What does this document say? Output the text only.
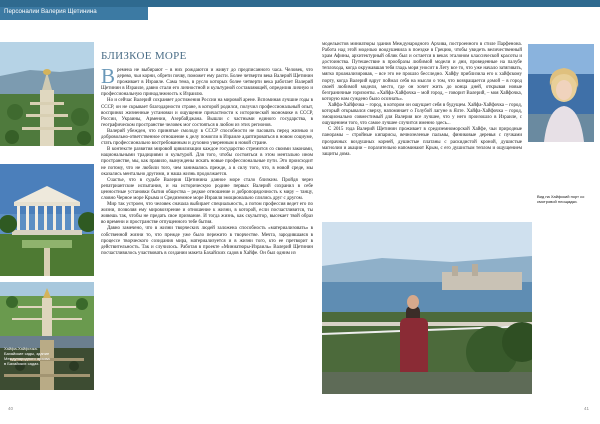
Персоналии Валерия Щетинина
Хайфа-Хайфочка. Бахайские сады, здание Международного архива в Бахайских садах.
БЛИЗКОЕ МОРЕ

Времена не выбирают – в них рождаются и живут до предписанного часа. Человек, что дерево, чьи корни, обрети почву, поможет ему расти. Более четверти века Валерий Щетинин проживает в Израиле. Сама тема, в русло которых более четверти века работает Валерий Щетинин в Израиле, давно стали его личностной и культурной составляющей, определив личную и профессиональную принадлежность к Израилю.

Но и сейчас Валерий сохраняет достижения России на мировой арене. Вспоминая лучшие годы в СССР, он не скрывает благодарности стране, в которой родился, получил профессиональный опыт, воспринял жизненные установки и ощущение причастности к исторической экономике в СССР, России, Украины, Армении, Азербайджана. Вышли с частными единого государства, в географическом пространстве человек мог состояться в любом из этих регионов.

Валерий убежден, что принятые смолоду в СССР способности не пасовать перед жизнью и добровольно-ответственное отношение к делу помогли в Израиле адаптироваться в новом социуме, стать профессионально востребованным и духовно уверенным в новой стране.

В контексте развития мировой цивилизации каждое государство стремится со своими законами, национальными традициями и культурой. Для того, чтобы состояться в этом ментально ином пространстве, мы, как правило, вынуждены искать новые профессиональные пути. Это происходит не потому, что не любили того, чем занимались прежде, а в силу того, что, в новой среде, мы оказались ментально другими, и наша жизнь продолжается.

Счастье, что в судьбе Валерия Щетинина данное море стало близким. Пройдя через репатриантские испытания, и на историческую родине первых Валерий сохранил в себе ценностные установки бытия общества – редкое отношение и добропорядочность к миру – танцу, словно Черное море Крыма и Средиземное море Израиля эмоционально слились друг с другом.

Мир так устроен, что человек сначала выбирает специальность, а потом профессия ведет его по жизни, позволяя ему мировоззрение и отношение к жизни, в которой, если посчастливится, ты живешь так, чтобы не предать свое призвание. И тогда жизнь, как скульптор, высекает твой образ во времени и пространстве отпущенного тебе бытия.

Давно замечено, что в жизни творческих людей заложена способность «материализовать» в собственной жизни то, что прежде уже было пережито в творчестве. Мечта, зародившаяся в процессе творческого созидания мира, материализуется и в жизни того, кто ее претворит в действительность. Так и случилось. Работая в проекте «Миниатюры-Израиль» Валерий Щетинин посчастливилось участвовать в создании макета Бахайских садов в Хайфе. Он был одним из

модельистов миниатюры здания Международного Архива, построенного в стиле Парфенона. Работа над этой моделью воодушевила в поездке в Грецию, чтобы увидеть величественный храм Афины, архитектурный облик был и остается в веках эталоном классической красоты и достоинства. Путешествие в прообразы любимой модели и дни, проведенные на палубе теплохода, когда окружавшая тебя гладь моря уносит в Лету все то, что уже начало затягивать, мягко проанализировав, – все это не прошло бесследно. Хайфу приблизила его к хайфскому порту, когда Валерий вдруг поймал себя на мысли о том, что возвращается домой – в город своей любимой модели, место, где он хочет жить до конца дней, открывая новые безграничные горизонты. «Хайфа-Хайфочка – мой город, – говорит Валерий, – моя Хайфочка, которую нам суждено было осознать».

Хайфа-Хайфочка – город, в котором он ощущает себя в будущем. Хайфа-Хайфочка – город, который открывался сверху, напоминает о Голубой лагуне в Ялте. Хайфа-Хайфочка – город, эмоционально совместимый для Валерия все лучшее, что у него произошло в Израиле, с ощущением того, что самое лучшее случится именно здесь...

С 2015 года Валерий Щетинин проживает в средиземноморской Хайфе, чьи природные панорамы – стройные кипарисы, вечнозеленые пальмы, финиковые деревья с пучками прозрачных воздушных корней, душистые платаны с раскидистой кроной, душистые магнолии и акации – поразительно напоминают Крым, с его душистым теплом и ощущением защиты дома.

Вид на Хайфский порт со смотровой площадки.
40	41
